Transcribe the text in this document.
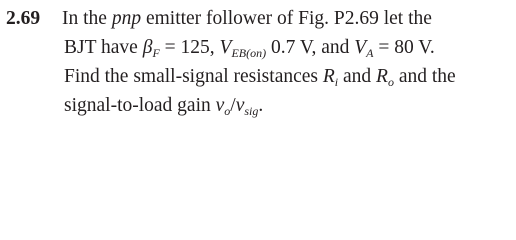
2.69 In the pnp emitter follower of Fig. P2.69 let the
BJT have $\beta_F = 125$, $V_{EB(on)}$ 0.7 V, and $V_A = 80$ V.
Find the small-signal resistances $R_i$ and $R_o$ and the
signal-to-load gain $v_o/v_{sig}$.
